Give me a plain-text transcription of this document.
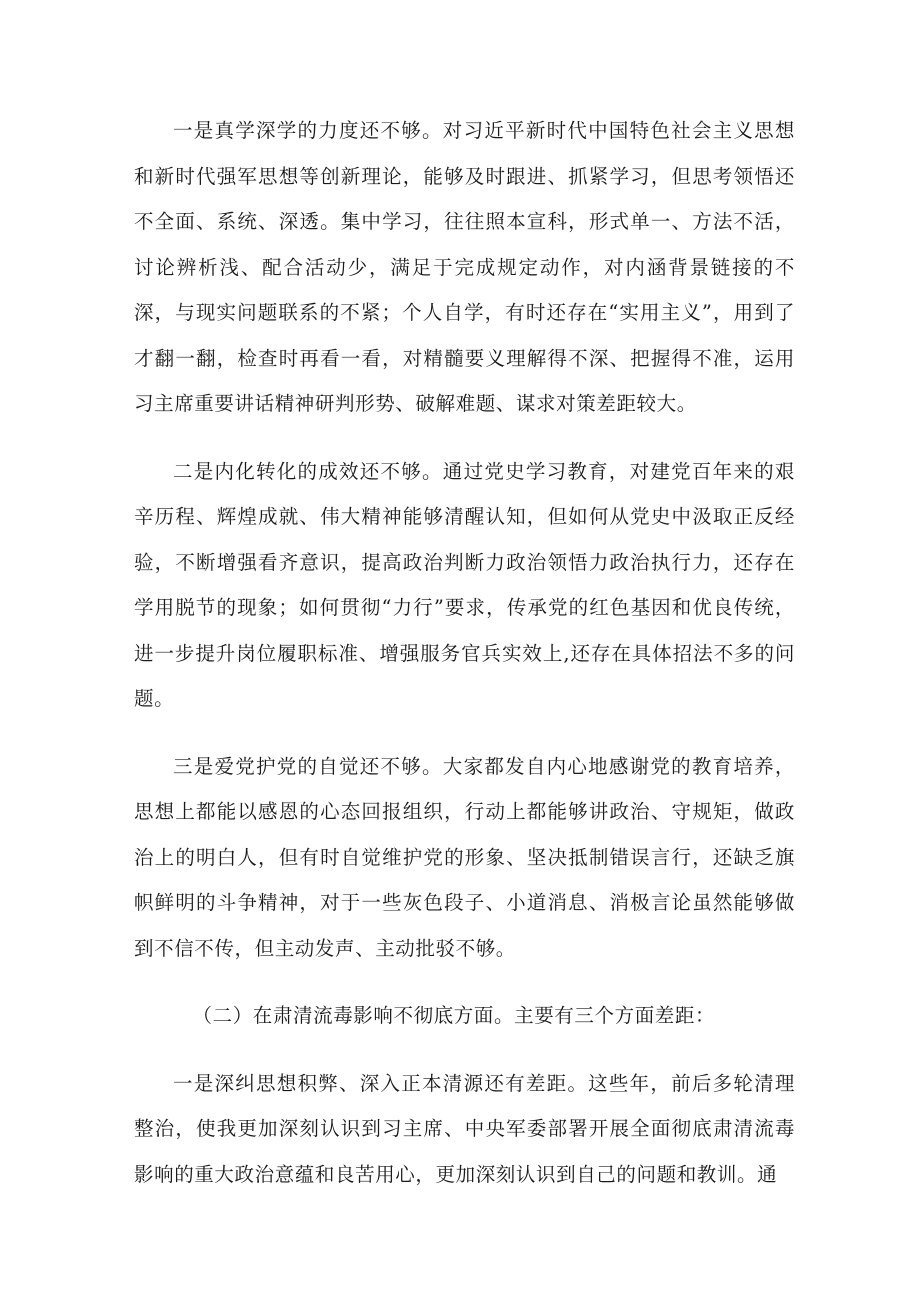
一是真学深学的力度还不够。对习近平新时代中国特色社会主义思想和新时代强军思想等创新理论，能够及时跟进、抓紧学习，但思考领悟还不全面、系统、深透。集中学习，往往照本宣科，形式单一、方法不活，讨论辨析浅、配合活动少，满足于完成规定动作，对内涵背景链接的不深，与现实问题联系的不紧；个人自学，有时还存在“实用主义”，用到了才翻一翻，检查时再看一看，对精髓要义理解得不深、把握得不准，运用习主席重要讲话精神研判形势、破解难题、谋求对策差距较大。

二是内化转化的成效还不够。通过党史学习教育，对建党百年来的艰辛历程、辉煌成就、伟大精神能够清醒认知，但如何从党史中汲取正反经验，不断增强看齐意识，提高政治判断力政治领悟力政治执行力，还存在学用脱节的现象；如何贯彻“力行”要求，传承党的红色基因和优良传统，进一步提升岗位履职标准、增强服务官兵实效上,还存在具体招法不多的问题。

三是爱党护党的自觉还不够。大家都发自内心地感谢党的教育培养，思想上都能以感恩的心态回报组织，行动上都能够讲政治、守规矩，做政治上的明白人，但有时自觉维护党的形象、坚决抵制错误言行，还缺乏旗帜鲜明的斗争精神，对于一些灰色段子、小道消息、消极言论虽然能够做到不信不传，但主动发声、主动批驳不够。

（二）在肃清流毒影响不彻底方面。主要有三个方面差距：

一是深纠思想积弊、深入正本清源还有差距。这些年，前后多轮清理整治，使我更加深刻认识到习主席、中央军委部署开展全面彻底肃清流毒影响的重大政治意蕴和良苦用心，更加深刻认识到自己的问题和教训。通
